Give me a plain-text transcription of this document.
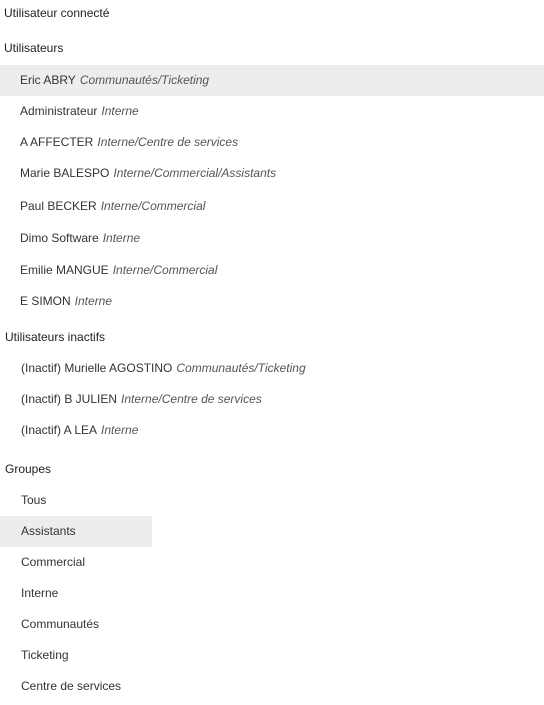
Utilisateur connecté
Utilisateurs
Eric ABRY Communautés/Ticketing
Administrateur Interne
A AFFECTER Interne/Centre de services
Marie BALESPO Interne/Commercial/Assistants
Paul BECKER Interne/Commercial
Dimo Software Interne
Emilie MANGUE Interne/Commercial
E SIMON Interne
Utilisateurs inactifs
(Inactif) Murielle AGOSTINO Communautés/Ticketing
(Inactif) B JULIEN Interne/Centre de services
(Inactif) A LEA Interne
Groupes
Tous
Assistants
Commercial
Interne
Communautés
Ticketing
Centre de services
